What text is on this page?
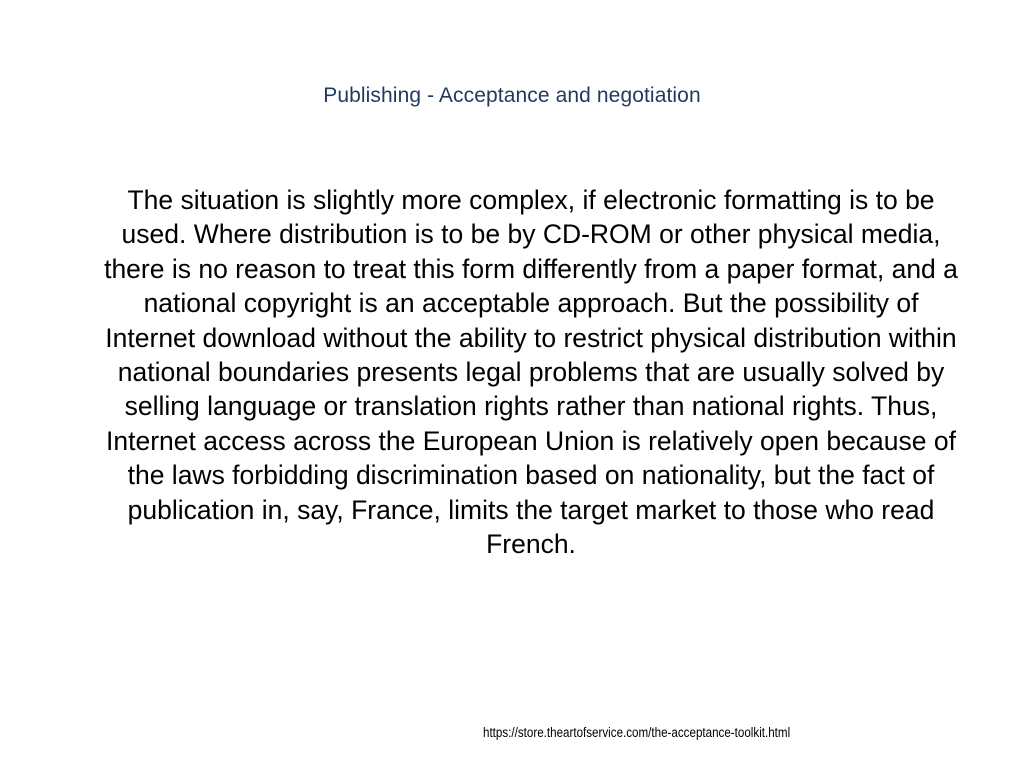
Publishing - Acceptance and negotiation
The situation is slightly more complex, if electronic formatting is to be used. Where distribution is to be by CD-ROM or other physical media, there is no reason to treat this form differently from a paper format, and a national copyright is an acceptable approach. But the possibility of Internet download without the ability to restrict physical distribution within national boundaries presents legal problems that are usually solved by selling language or translation rights rather than national rights. Thus, Internet access across the European Union is relatively open because of the laws forbidding discrimination based on nationality, but the fact of publication in, say, France, limits the target market to those who read French.
https://store.theartofservice.com/the-acceptance-toolkit.html
